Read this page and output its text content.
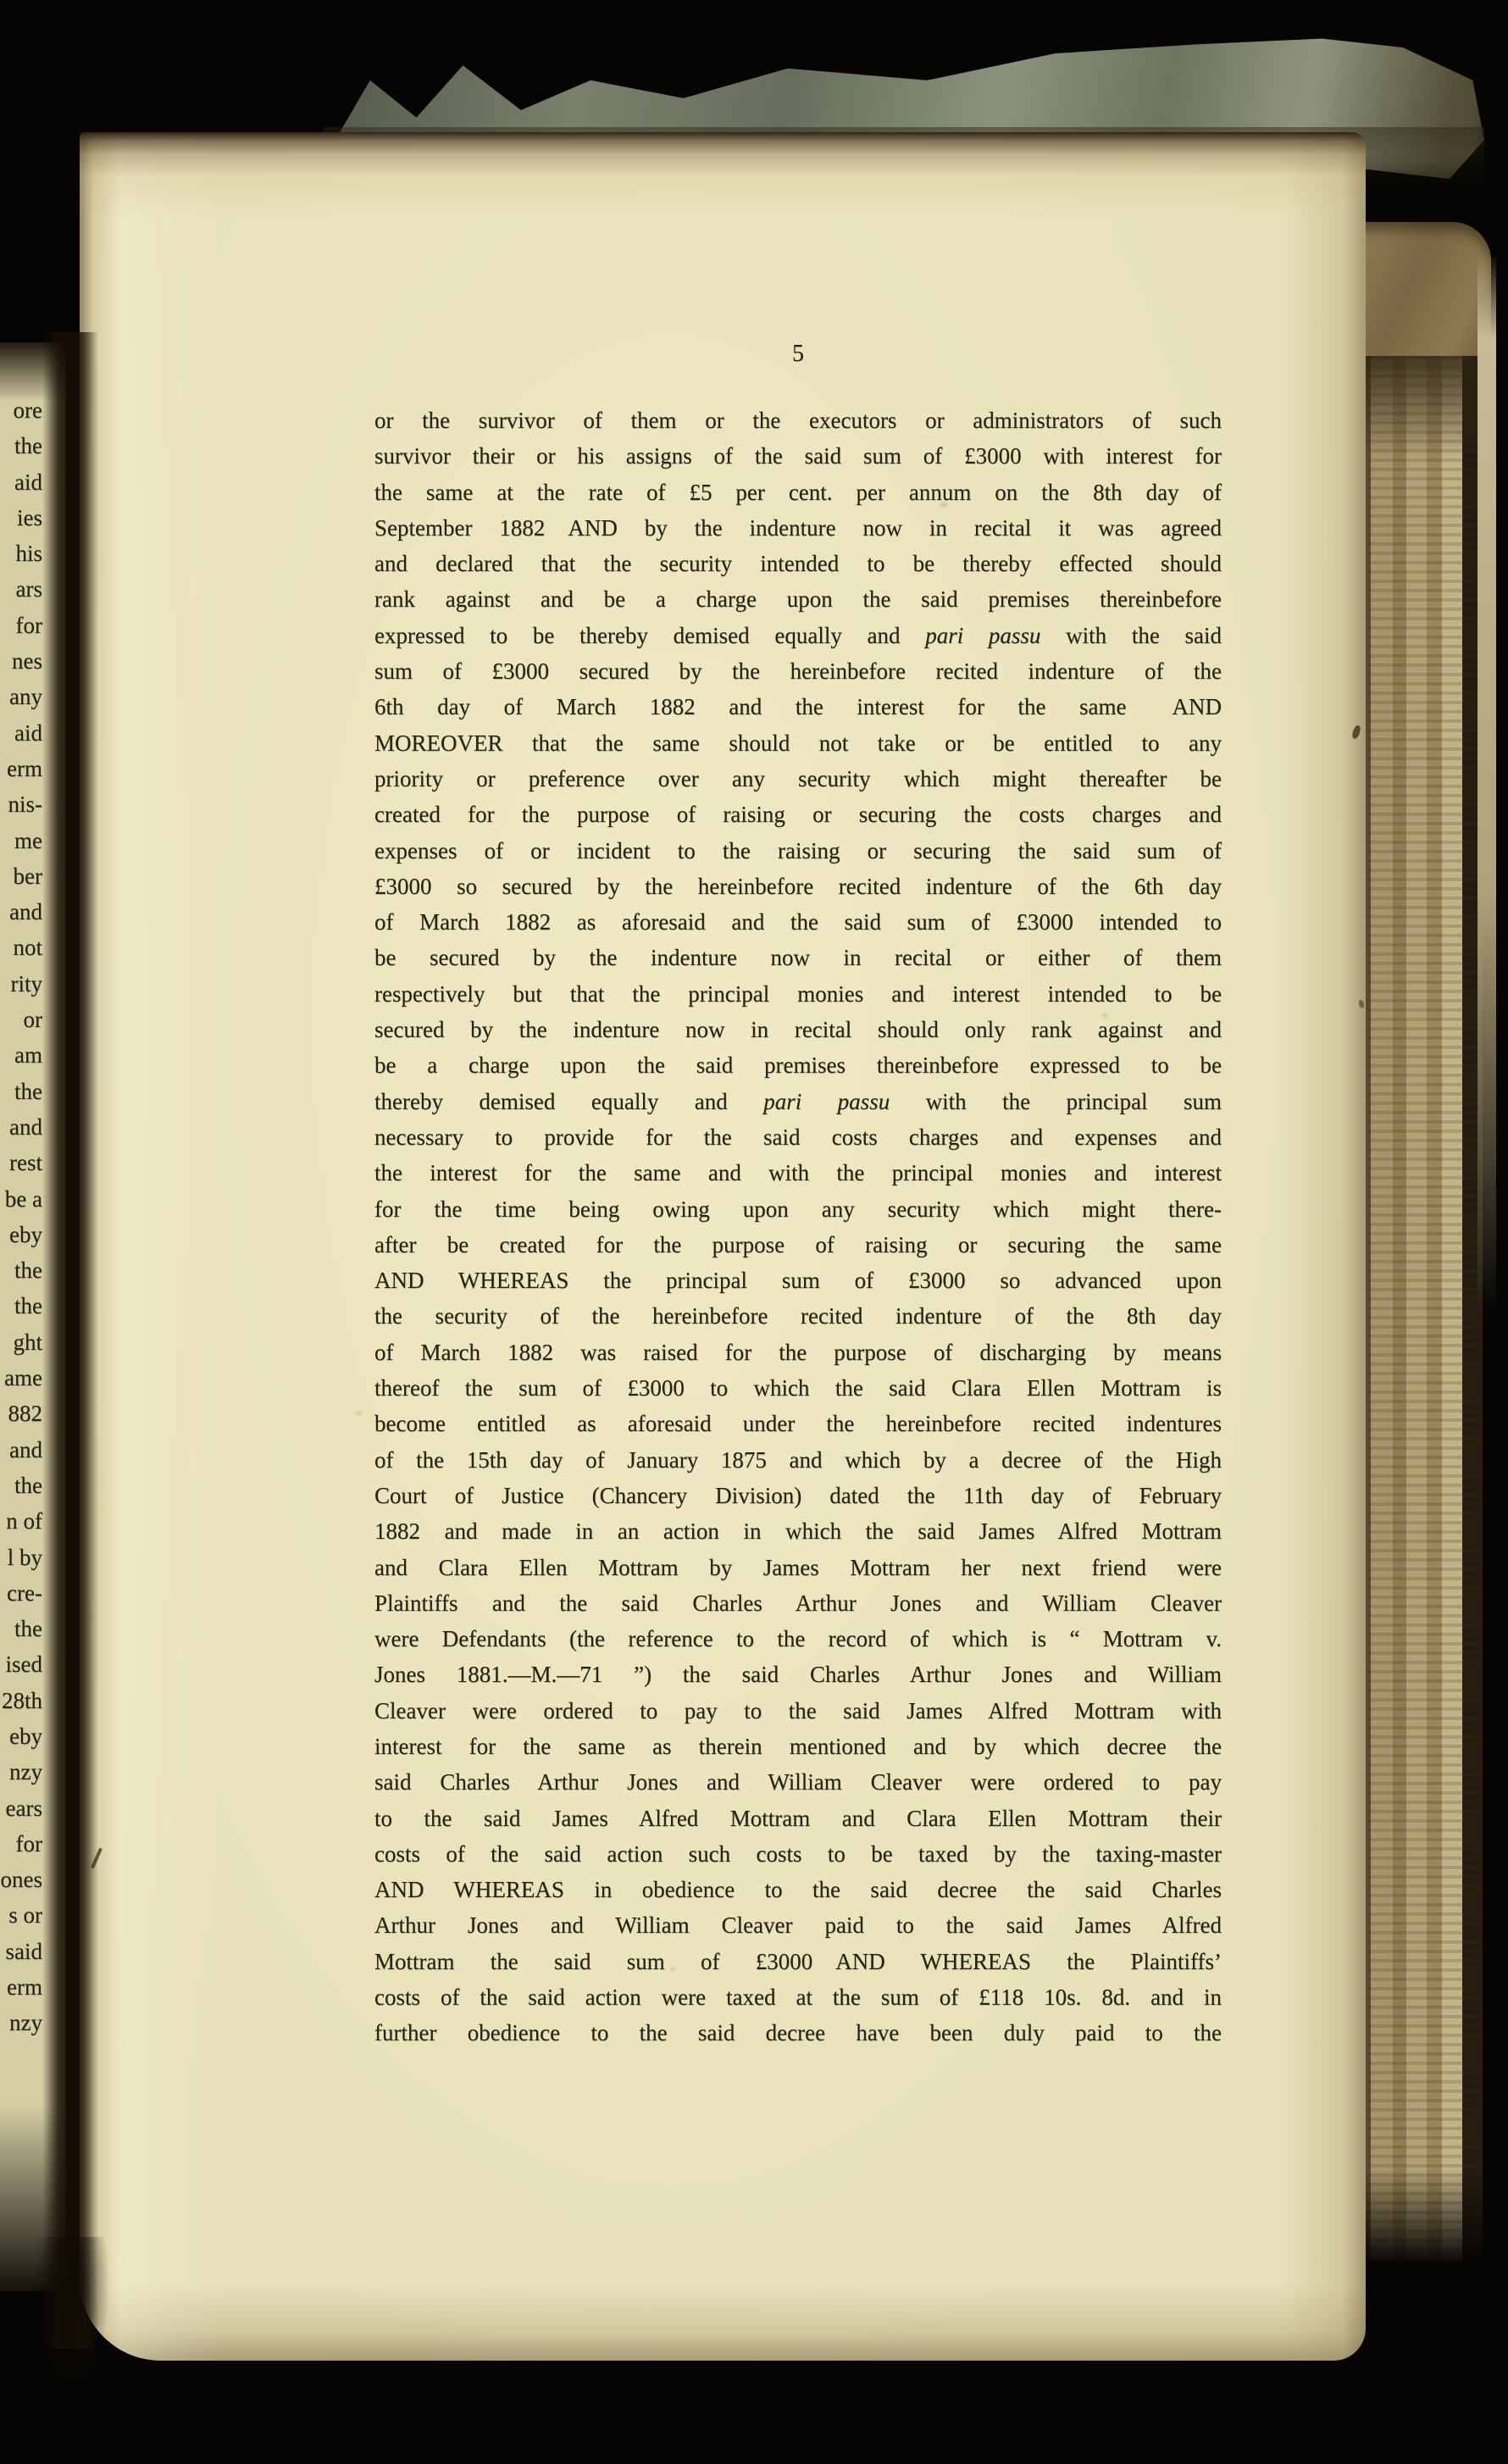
ore
the
aid
ies
his
ars
for
nes
any
aid
erm
nis-
me
ber
and
not
rity
or
am
the
and
rest
be a
eby
the
the
ght
ame
882
and
the
n of
l by
cre-
the
ised
28th
eby
nzy
ears
for
ones
s or
said
erm
nzy
5
or the survivor of them or the executors or administrators of such
survivor their or his assigns of the said sum of £3000 with interest for
the same at the rate of £5 per cent. per annum on the 8th day of
September 1882  AND by the indenture now in recital it was agreed
and declared that the security intended to be thereby effected should
rank against and be a charge upon the said premises thereinbefore
expressed to be thereby demised equally and pari passu with the said
sum of £3000 secured by the hereinbefore recited indenture of the
6th day of March 1882 and the interest for the same  AND
MOREOVER that the same should not take or be entitled to any
priority or preference over any security which might thereafter be
created for the purpose of raising or securing the costs charges and
expenses of or incident to the raising or securing the said sum of
£3000 so secured by the hereinbefore recited indenture of the 6th day
of March 1882 as aforesaid and the said sum of £3000 intended to
be secured by the indenture now in recital or either of them
respectively but that the principal monies and interest intended to be
secured by the indenture now in recital should only rank against and
be a charge upon the said premises thereinbefore expressed to be
thereby demised equally and pari passu with the principal sum
necessary to provide for the said costs charges and expenses and
the interest for the same and with the principal monies and interest
for the time being owing upon any security which might there-
after be created for the purpose of raising or securing the same
AND WHEREAS the principal sum of £3000 so advanced upon
the security of the hereinbefore recited indenture of the 8th day
of March 1882 was raised for the purpose of discharging by means
thereof the sum of £3000 to which the said Clara Ellen Mottram is
become entitled as aforesaid under the hereinbefore recited indentures
of the 15th day of January 1875 and which by a decree of the High
Court of Justice (Chancery Division) dated the 11th day of February
1882 and made in an action in which the said James Alfred Mottram
and Clara Ellen Mottram by James Mottram her next friend were
Plaintiffs and the said Charles Arthur Jones and William Cleaver
were Defendants (the reference to the record of which is “ Mottram v.
Jones 1881.—M.—71 ”) the said Charles Arthur Jones and William
Cleaver were ordered to pay to the said James Alfred Mottram with
interest for the same as therein mentioned and by which decree the
said Charles Arthur Jones and William Cleaver were ordered to pay
to the said James Alfred Mottram and Clara Ellen Mottram their
costs of the said action such costs to be taxed by the taxing-master
AND WHEREAS in obedience to the said decree the said Charles
Arthur Jones and William Cleaver paid to the said James Alfred
Mottram the said sum of £3000  AND WHEREAS the Plaintiffs’
costs of the said action were taxed at the sum of £118 10s. 8d. and in
further obedience to the said decree have been duly paid to the
